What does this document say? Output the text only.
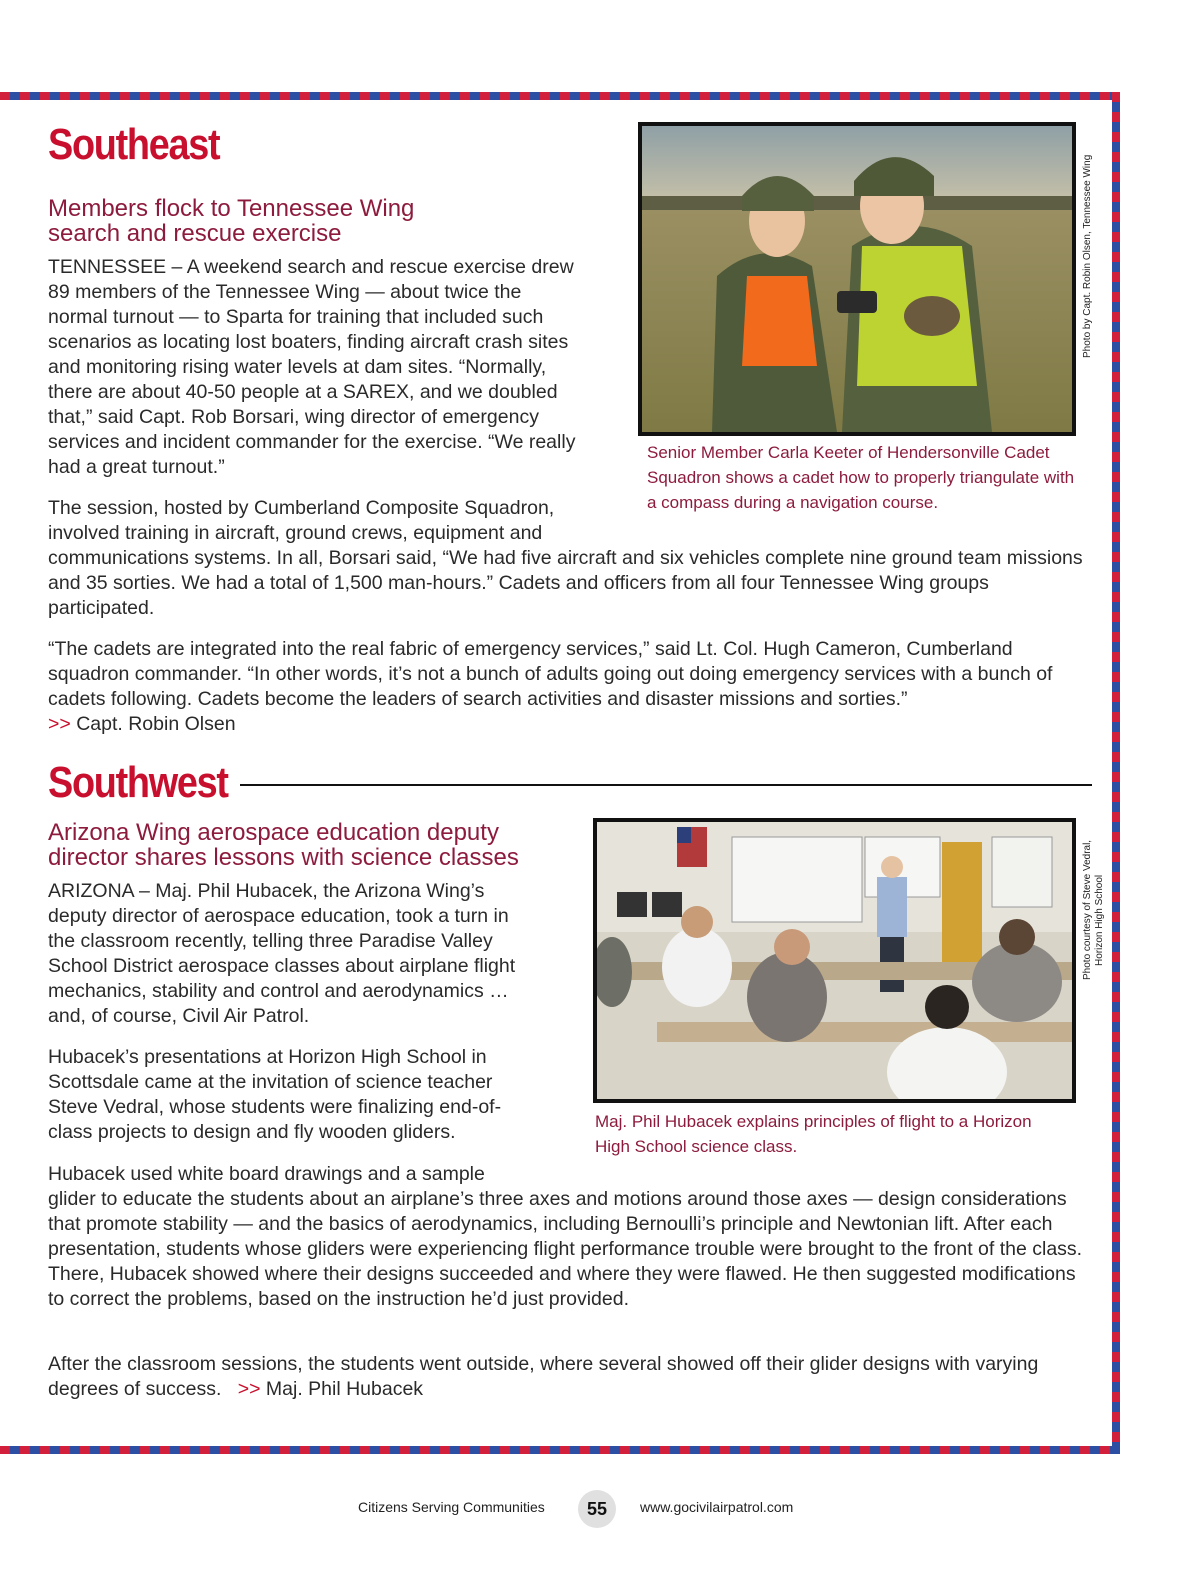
Southeast
Members flock to Tennessee Wing
search and rescue exercise

TENNESSEE – A weekend search and rescue exercise drew
89 members of the Tennessee Wing — about twice the
normal turnout — to Sparta for training that included such
scenarios as locating lost boaters, finding aircraft crash sites
and monitoring rising water levels at dam sites. “Normally,
there are about 40-50 people at a SAREX, and we doubled
that,” said Capt. Rob Borsari, wing director of emergency
services and incident commander for the exercise. “We really
had a great turnout.”

The session, hosted by Cumberland Composite Squadron,
involved training in aircraft, ground crews, equipment and
communications systems. In all, Borsari said, “We had five aircraft and six vehicles complete nine ground team missions and 35 sorties. We had a total of 1,500 man-hours.” Cadets and officers from all four Tennessee Wing groups participated.

“The cadets are integrated into the real fabric of emergency services,” said Lt. Col. Hugh Cameron, Cumberland squadron commander. “In other words, it’s not a bunch of adults going out doing emergency services with a bunch of cadets following. Cadets become the leaders of search activities and disaster missions and sorties.”
>> Capt. Robin Olsen

Photo by Capt. Robin Olsen, Tennessee Wing

Senior Member Carla Keeter of Hendersonville Cadet Squadron shows a cadet how to properly triangulate with a compass during a navigation course.

Southwest
Arizona Wing aerospace education deputy
director shares lessons with science classes

ARIZONA – Maj. Phil Hubacek, the Arizona Wing’s
deputy director of aerospace education, took a turn in
the classroom recently, telling three Paradise Valley
School District aerospace classes about airplane flight
mechanics, stability and control and aerodynamics …
and, of course, Civil Air Patrol.

Hubacek’s presentations at Horizon High School in
Scottsdale came at the invitation of science teacher
Steve Vedral, whose students were finalizing end-of-
class projects to design and fly wooden gliders.

Hubacek used white board drawings and a sample
glider to educate the students about an airplane’s three axes and motions around those axes — design considerations that promote stability — and the basics of aerodynamics, including Bernoulli’s principle and Newtonian lift. After each presentation, students whose gliders were experiencing flight performance trouble were brought to the front of the class. There, Hubacek showed where their designs succeeded and where they were flawed. He then suggested modifications to correct the problems, based on the instruction he’d just provided.

After the classroom sessions, the students went outside, where several showed off their glider designs with varying degrees of success. >> Maj. Phil Hubacek

Photo courtesy of Steve Vedral,
Horizon High School

Maj. Phil Hubacek explains principles of flight to a Horizon High School science class.

Citizens Serving Communities	55	www.gocivilairpatrol.com
